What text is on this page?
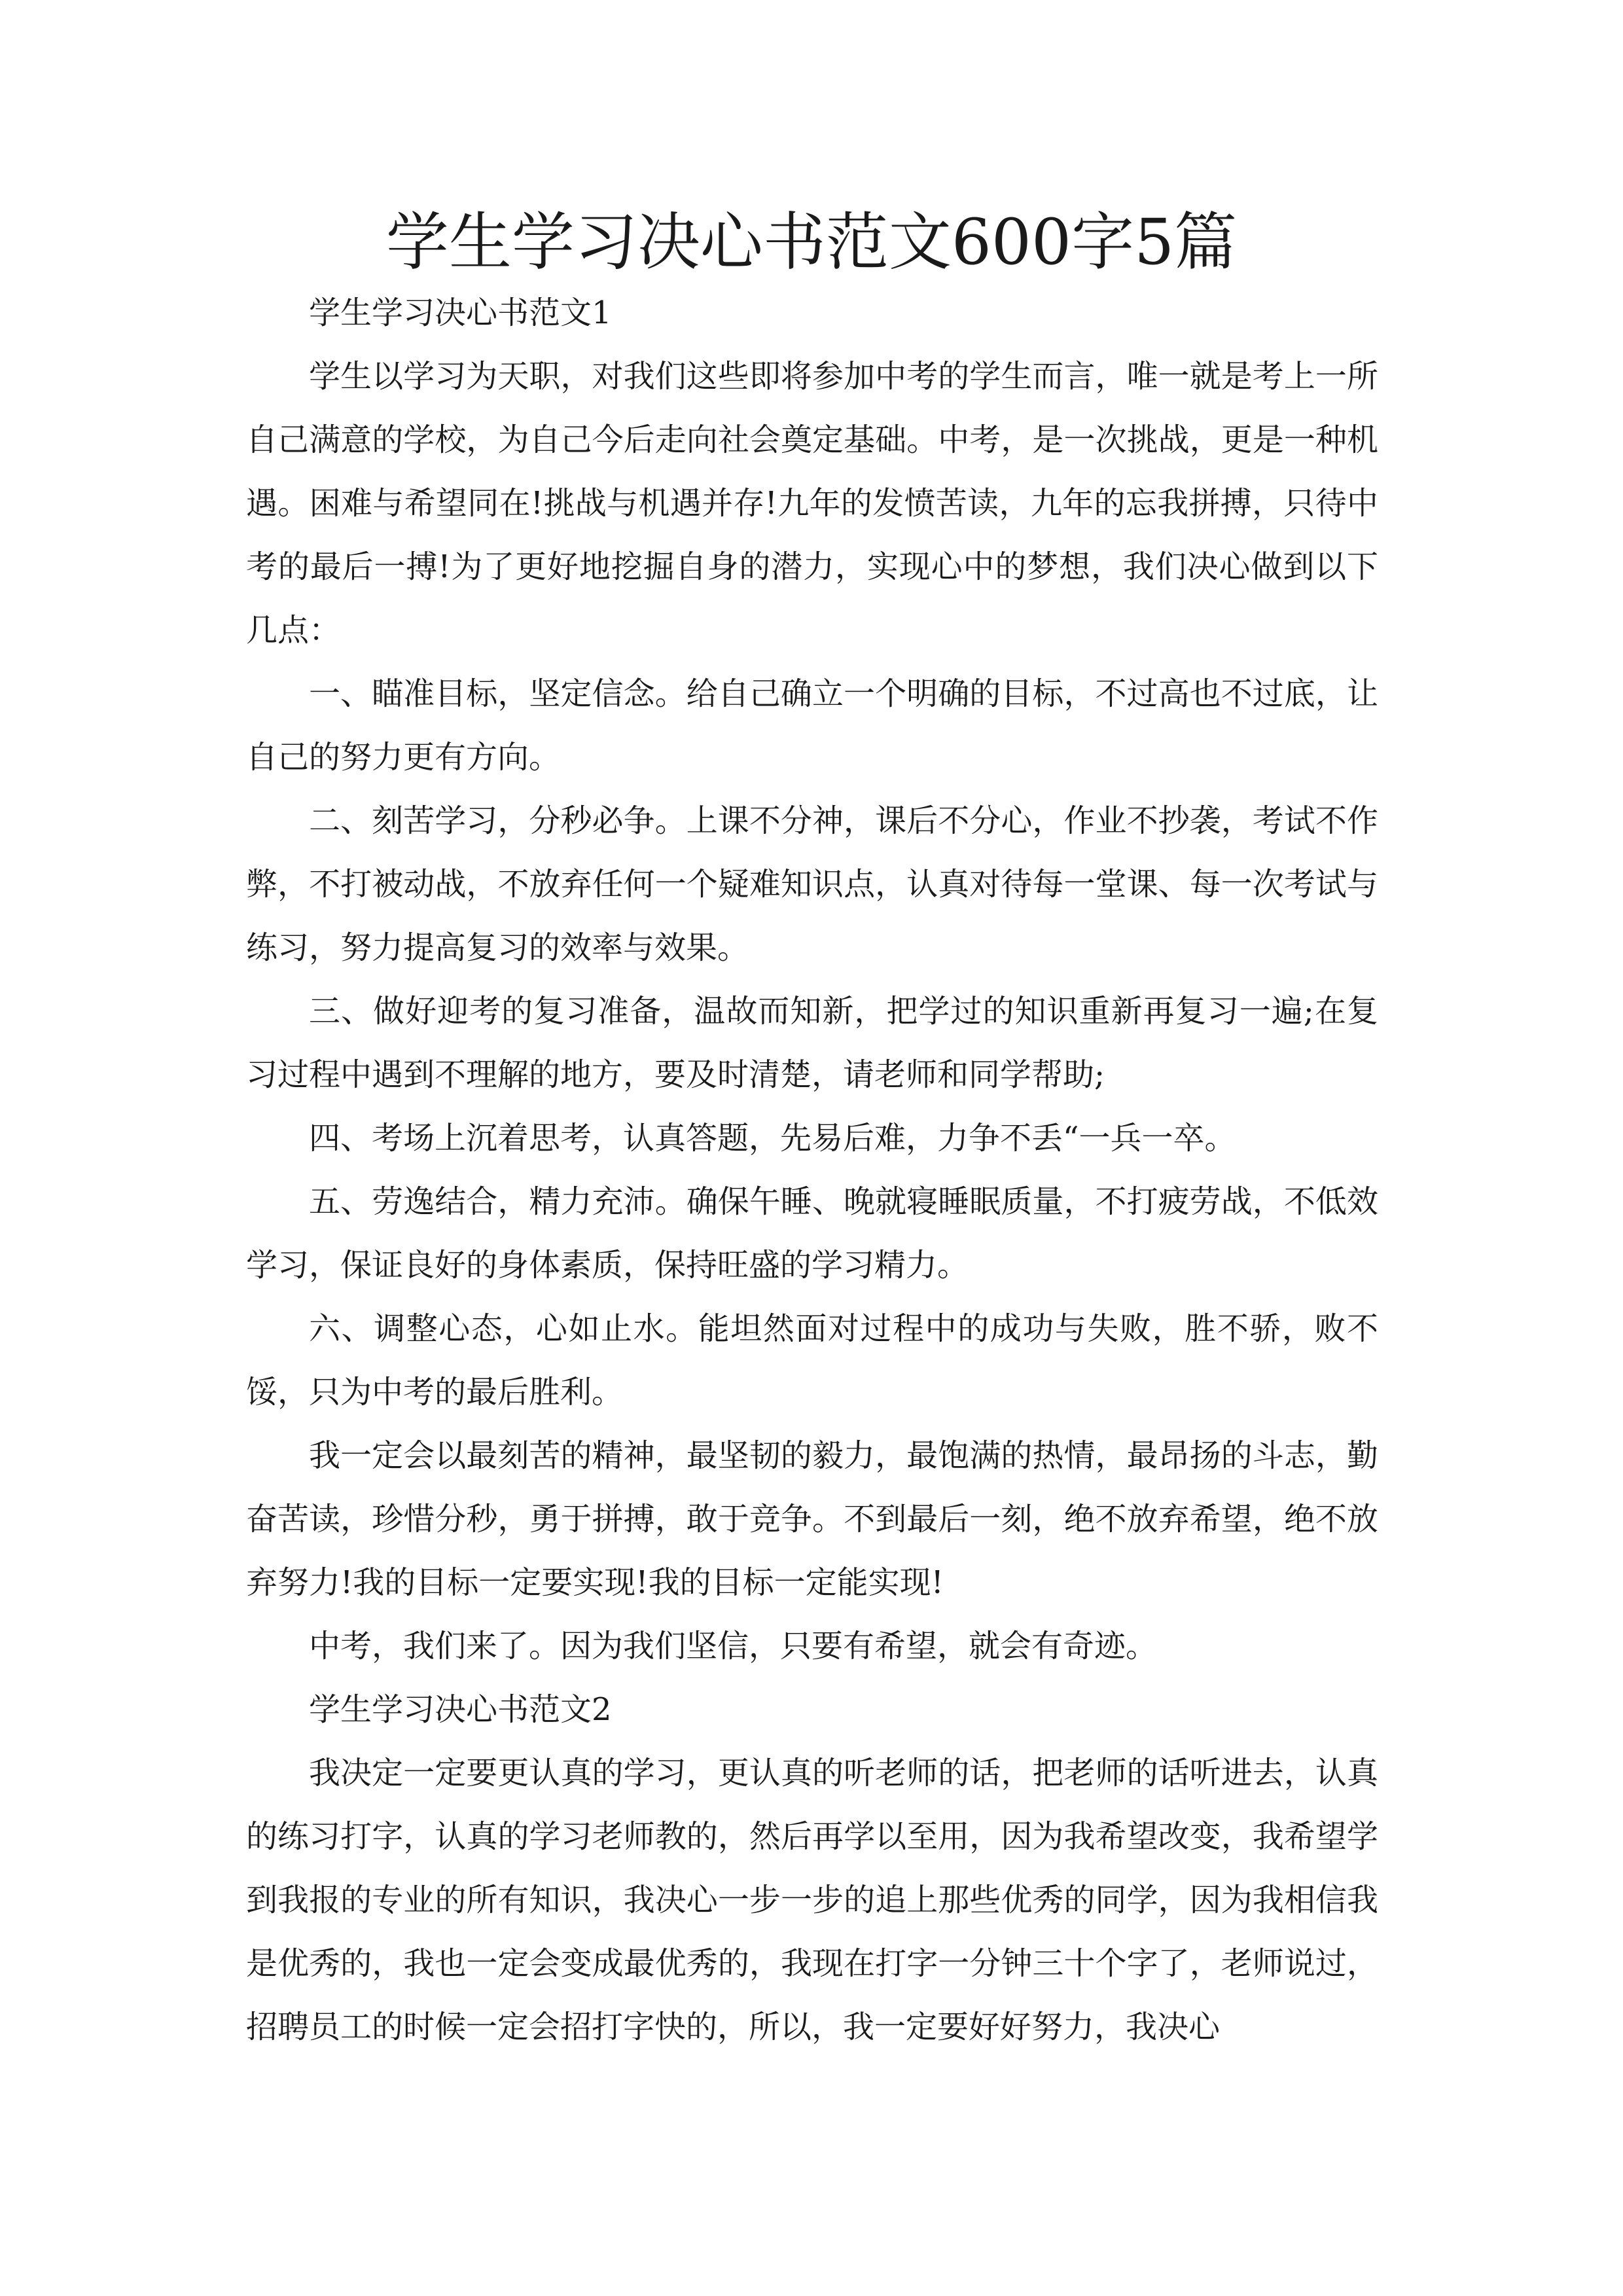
学生学习决心书范文600字5篇

学生学习决心书范文1

学生以学习为天职，对我们这些即将参加中考的学生而言，唯一就是考上一所自己满意的学校，为自己今后走向社会奠定基础。中考，是一次挑战，更是一种机遇。困难与希望同在!挑战与机遇并存!九年的发愤苦读，九年的忘我拼搏，只待中考的最后一搏!为了更好地挖掘自身的潜力，实现心中的梦想，我们决心做到以下几点：

一、瞄准目标，坚定信念。给自己确立一个明确的目标，不过高也不过底，让自己的努力更有方向。

二、刻苦学习，分秒必争。上课不分神，课后不分心，作业不抄袭，考试不作弊，不打被动战，不放弃任何一个疑难知识点，认真对待每一堂课、每一次考试与练习，努力提高复习的效率与效果。

三、做好迎考的复习准备，温故而知新，把学过的知识重新再复习一遍;在复习过程中遇到不理解的地方，要及时清楚，请老师和同学帮助;

四、考场上沉着思考，认真答题，先易后难，力争不丢“一兵一卒。

五、劳逸结合，精力充沛。确保午睡、晚就寝睡眠质量，不打疲劳战，不低效学习，保证良好的身体素质，保持旺盛的学习精力。

六、调整心态，心如止水。能坦然面对过程中的成功与失败，胜不骄，败不馁，只为中考的最后胜利。

我一定会以最刻苦的精神，最坚韧的毅力，最饱满的热情，最昂扬的斗志，勤奋苦读，珍惜分秒，勇于拼搏，敢于竞争。不到最后一刻，绝不放弃希望，绝不放弃努力!我的目标一定要实现!我的目标一定能实现!

中考，我们来了。因为我们坚信，只要有希望，就会有奇迹。

学生学习决心书范文2

我决定一定要更认真的学习，更认真的听老师的话，把老师的话听进去，认真的练习打字，认真的学习老师教的，然后再学以至用，因为我希望改变，我希望学到我报的专业的所有知识，我决心一步一步的追上那些优秀的同学，因为我相信我是优秀的，我也一定会变成最优秀的，我现在打字一分钟三十个字了，老师说过，招聘员工的时候一定会招打字快的，所以，我一定要好好努力，我决心
